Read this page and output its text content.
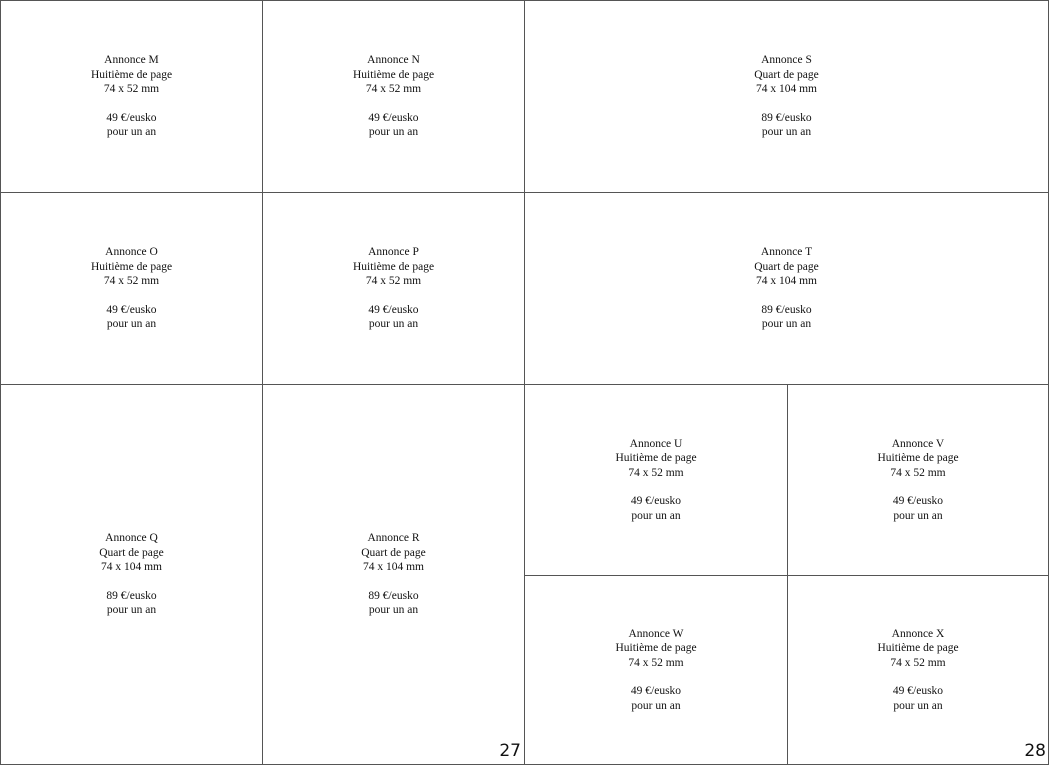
Annonce M
Huitième de page
74 x 52 mm
49 €/eusko
pour un an
Annonce N
Huitième de page
74 x 52 mm
49 €/eusko
pour un an
Annonce O
Huitième de page
74 x 52 mm
49 €/eusko
pour un an
Annonce P
Huitième de page
74 x 52 mm
49 €/eusko
pour un an
Annonce Q
Quart de page
74 x 104 mm
89 €/eusko
pour un an
Annonce R
Quart de page
74 x 104 mm
89 €/eusko
pour un an
27
Annonce S
Quart de page
74 x 104 mm
89 €/eusko
pour un an
Annonce T
Quart de page
74 x 104 mm
89 €/eusko
pour un an
Annonce U
Huitième de page
74 x 52 mm
49 €/eusko
pour un an
Annonce V
Huitième de page
74 x 52 mm
49 €/eusko
pour un an
Annonce W
Huitième de page
74 x 52 mm
49 €/eusko
pour un an
Annonce X
Huitième de page
74 x 52 mm
49 €/eusko
pour un an
28
